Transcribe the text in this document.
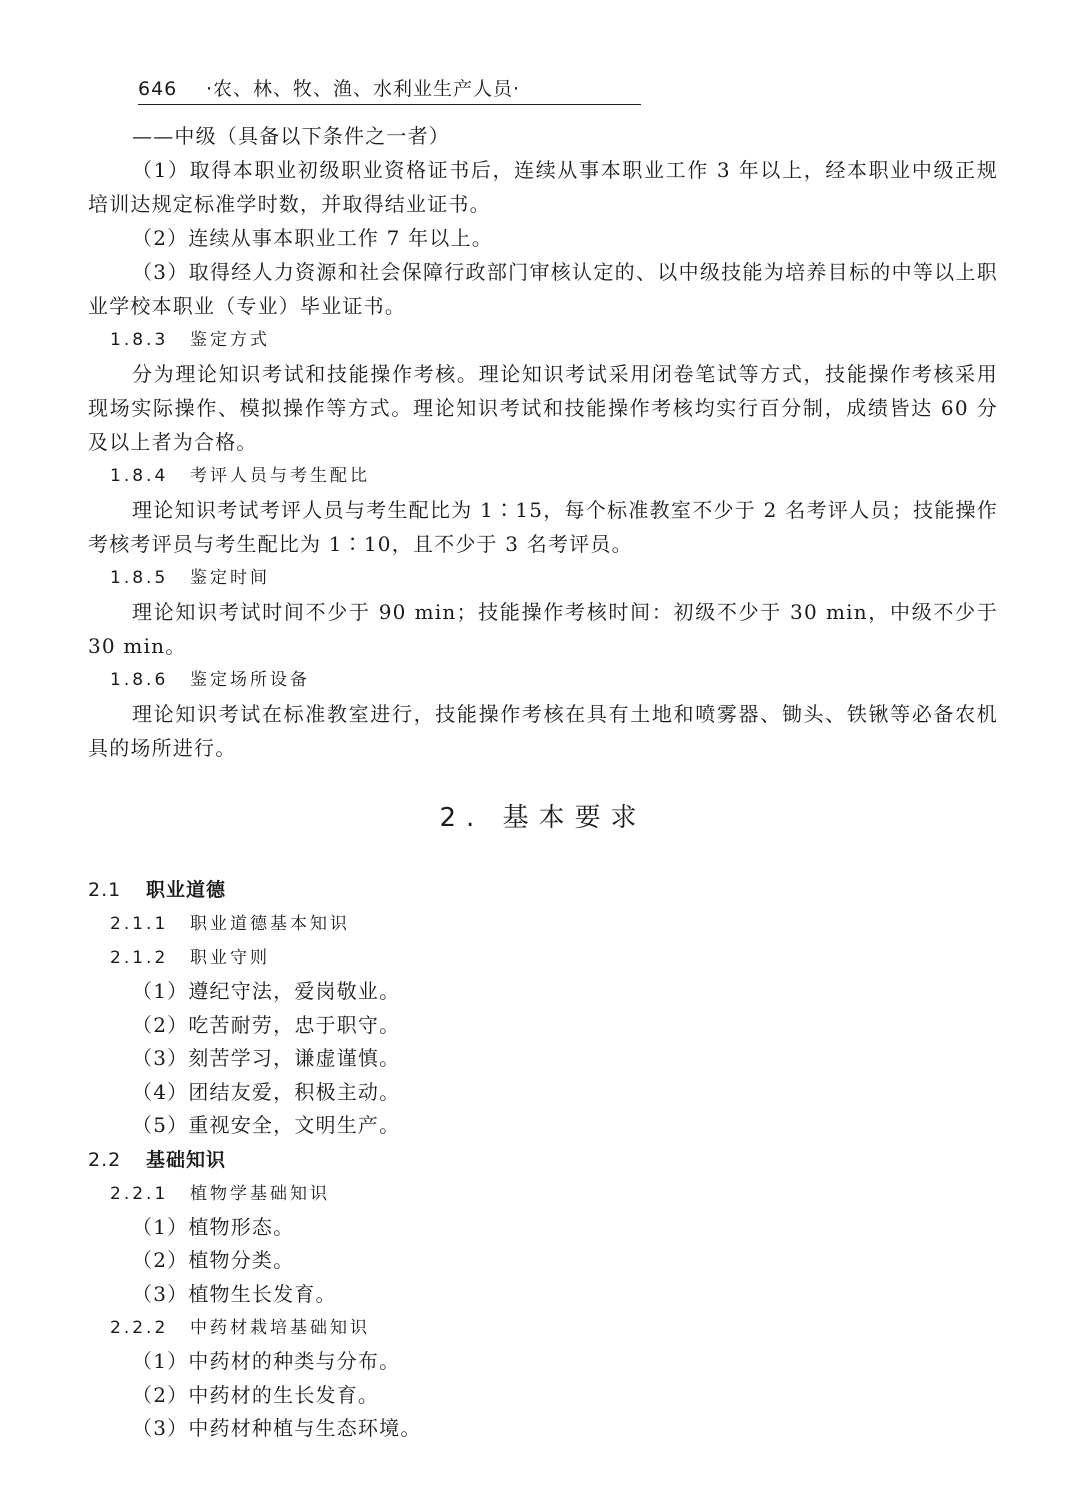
646 ·农、林、牧、渔、水利业生产人员·

——中级（具备以下条件之一者）

（1）取得本职业初级职业资格证书后，连续从事本职业工作 3 年以上，经本职业中级正规培训达规定标准学时数，并取得结业证书。

（2）连续从事本职业工作 7 年以上。

（3）取得经人力资源和社会保障行政部门审核认定的、以中级技能为培养目标的中等以上职业学校本职业（专业）毕业证书。

1.8.3 鉴定方式

分为理论知识考试和技能操作考核。理论知识考试采用闭卷笔试等方式，技能操作考核采用现场实际操作、模拟操作等方式。理论知识考试和技能操作考核均实行百分制，成绩皆达 60 分及以上者为合格。

1.8.4 考评人员与考生配比

理论知识考试考评人员与考生配比为 1∶15，每个标准教室不少于 2 名考评人员；技能操作考核考评员与考生配比为 1∶10，且不少于 3 名考评员。

1.8.5 鉴定时间

理论知识考试时间不少于 90 min；技能操作考核时间：初级不少于 30 min，中级不少于 30 min。

1.8.6 鉴定场所设备

理论知识考试在标准教室进行，技能操作考核在具有土地和喷雾器、锄头、铁锹等必备农机具的场所进行。

2. 基本要求
2.1 职业道德
2.1.1 职业道德基本知识
2.1.2 职业守则
（1）遵纪守法，爱岗敬业。
（2）吃苦耐劳，忠于职守。
（3）刻苦学习，谦虚谨慎。
（4）团结友爱，积极主动。
（5）重视安全，文明生产。
2.2 基础知识
2.2.1 植物学基础知识
（1）植物形态。
（2）植物分类。
（3）植物生长发育。
2.2.2 中药材栽培基础知识
（1）中药材的种类与分布。
（2）中药材的生长发育。
（3）中药材种植与生态环境。
